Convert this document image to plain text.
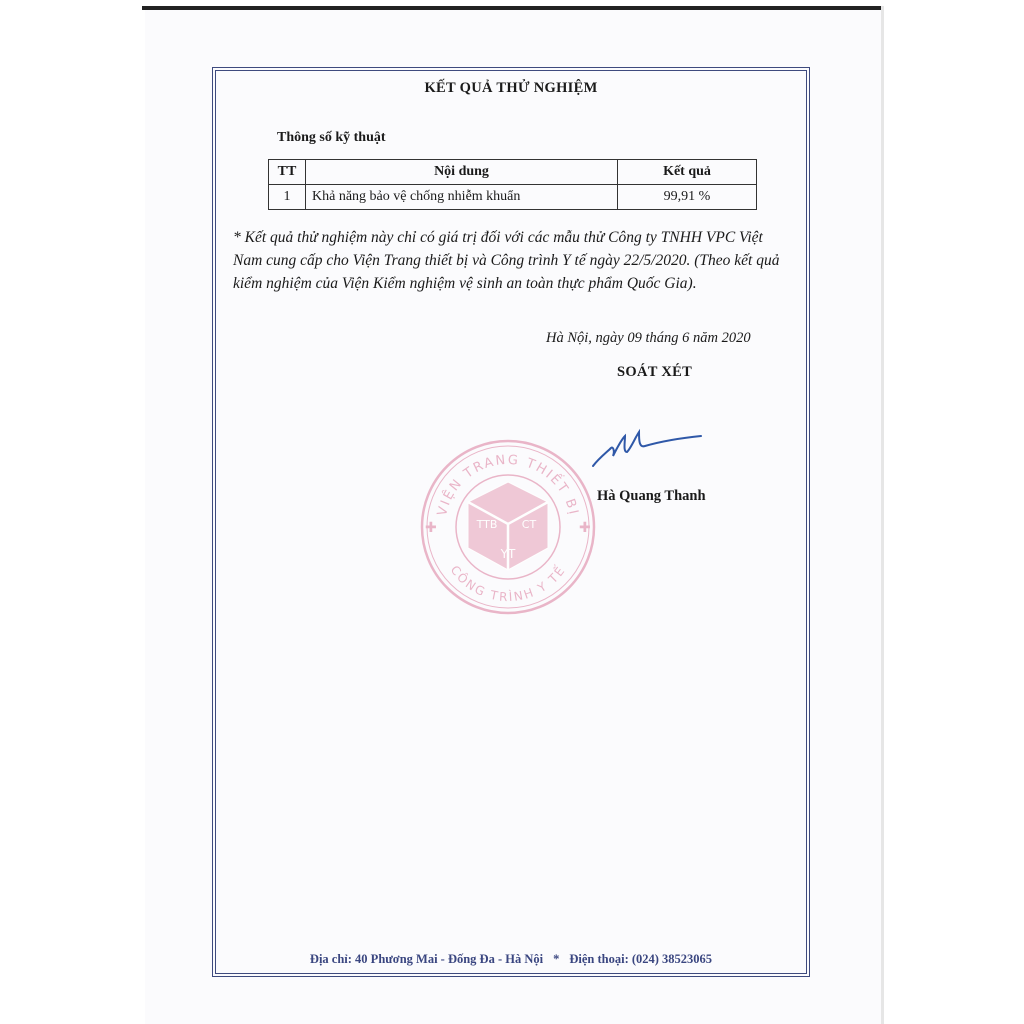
KẾT QUẢ THỬ NGHIỆM
Thông số kỹ thuật
TT	Nội dung	Kết quả
1	Khả năng bảo vệ chống nhiễm khuẩn	99,91 %
* Kết quả thử nghiệm này chỉ có giá trị đối với các mẫu thử Công ty TNHH VPC Việt Nam cung cấp cho Viện Trang thiết bị và Công trình Y tế ngày 22/5/2020. (Theo kết quả kiểm nghiệm của Viện Kiểm nghiệm vệ sinh an toàn thực phẩm Quốc Gia).
Hà Nội, ngày 09 tháng 6 năm 2020
SOÁT XÉT
VIỆN TRANG THIẾT BỊ
CÔNG TRÌNH Y TẾ
✚	✚
TTB CT
YT
Hà Quang Thanh
Địa chỉ: 40 Phương Mai - Đống Đa - Hà Nội * Điện thoại: (024) 38523065
